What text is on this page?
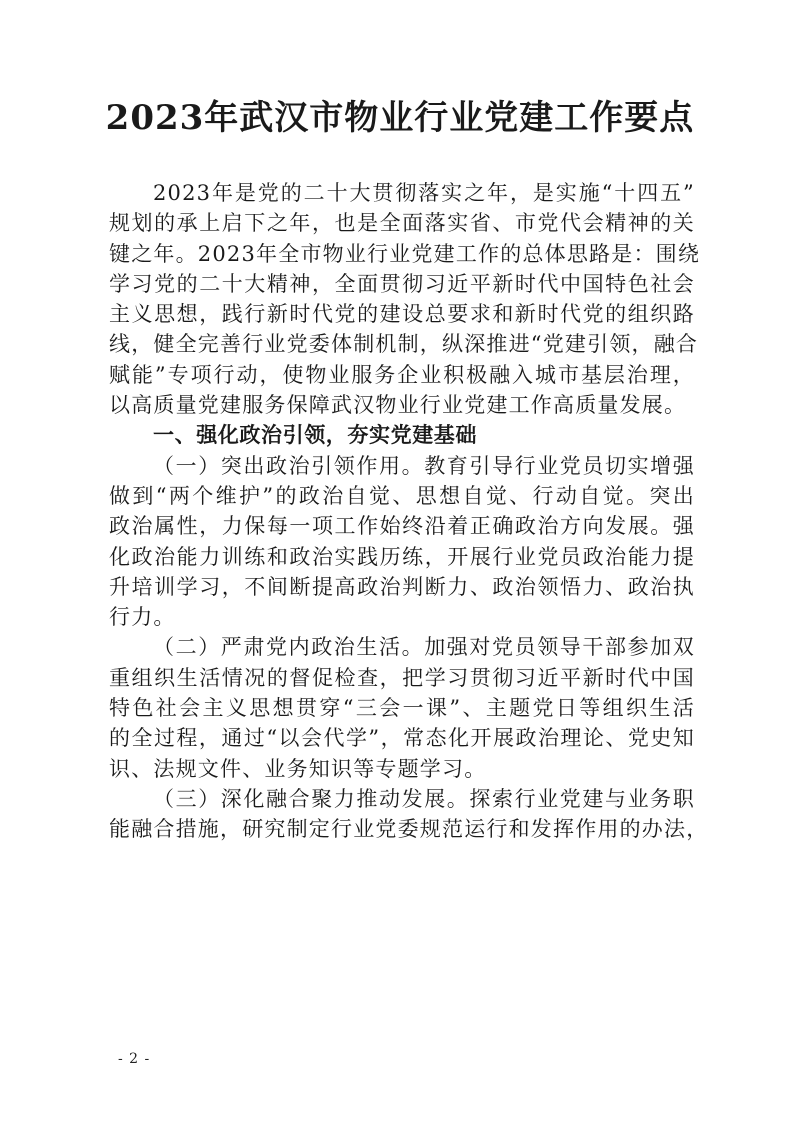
2023年武汉市物业行业党建工作要点
2023年是党的二十大贯彻落实之年，是实施“十四五”
规划的承上启下之年，也是全面落实省、市党代会精神的关
键之年。2023年全市物业行业党建工作的总体思路是：围绕
学习党的二十大精神，全面贯彻习近平新时代中国特色社会
主义思想，践行新时代党的建设总要求和新时代党的组织路
线，健全完善行业党委体制机制，纵深推进“党建引领，融合
赋能”专项行动，使物业服务企业积极融入城市基层治理，
以高质量党建服务保障武汉物业行业党建工作高质量发展。
一、强化政治引领，夯实党建基础
（一）突出政治引领作用。教育引导行业党员切实增强
做到“两个维护”的政治自觉、思想自觉、行动自觉。突出
政治属性，力保每一项工作始终沿着正确政治方向发展。强
化政治能力训练和政治实践历练，开展行业党员政治能力提
升培训学习，不间断提高政治判断力、政治领悟力、政治执
行力。
（二）严肃党内政治生活。加强对党员领导干部参加双
重组织生活情况的督促检查，把学习贯彻习近平新时代中国
特色社会主义思想贯穿“三会一课”、主题党日等组织生活
的全过程，通过“以会代学”，常态化开展政治理论、党史知
识、法规文件、业务知识等专题学习。
（三）深化融合聚力推动发展。探索行业党建与业务职
能融合措施，研究制定行业党委规范运行和发挥作用的办法，
- 2 -
